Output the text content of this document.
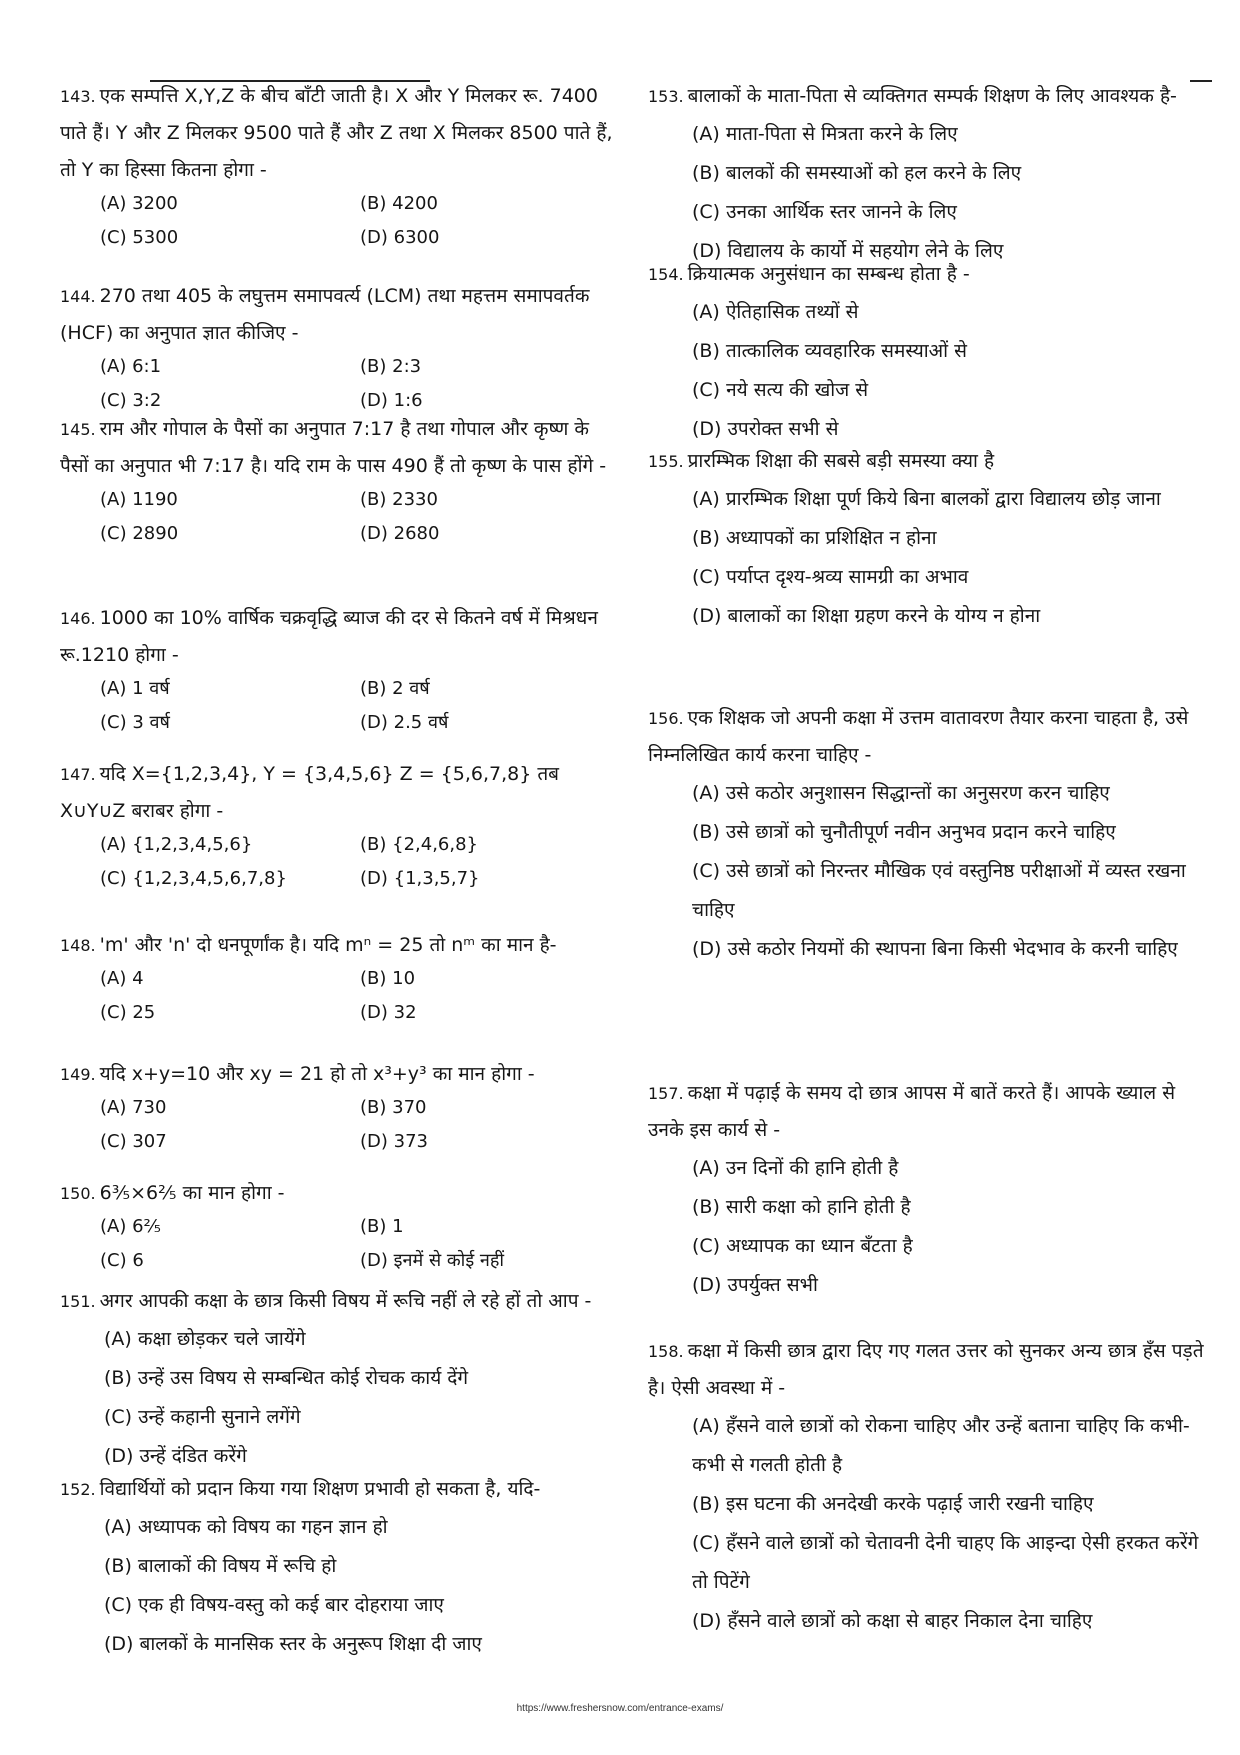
143. एक सम्पत्ति X,Y,Z के बीच बाँटी जाती है। X और Y मिलकर रू. 7400 पाते हैं। Y और Z मिलकर 9500 पाते हैं और Z तथा X मिलकर 8500 पाते हैं, तो Y का हिस्सा कितना होगा -

(A) 3200	(B) 4200
(C) 5300	(D) 6300

144. 270 तथा 405 के लघुत्तम समापवर्त्य (LCM) तथा महत्तम समापवर्तक (HCF) का अनुपात ज्ञात कीजिए -

(A) 6:1	(B) 2:3
(C) 3:2	(D) 1:6

145. राम और गोपाल के पैसों का अनुपात 7:17 है तथा गोपाल और कृष्ण के पैसों का अनुपात भी 7:17 है। यदि राम के पास 490 हैं तो कृष्ण के पास होंगे -

(A) 1190	(B) 2330
(C) 2890	(D) 2680

146. 1000 का 10% वार्षिक चक्रवृद्धि ब्याज की दर से कितने वर्ष में मिश्रधन रू.1210 होगा -

(A) 1 वर्ष	(B) 2 वर्ष
(C) 3 वर्ष	(D) 2.5 वर्ष

147. यदि X={1,2,3,4}, Y = {3,4,5,6} Z = {5,6,7,8} तब X∪Y∪Z बराबर होगा -

(A) {1,2,3,4,5,6}	(B) {2,4,6,8}
(C) {1,2,3,4,5,6,7,8}	(D) {1,3,5,7}

148. 'm' और 'n' दो धनपूर्णांक है। यदि mⁿ = 25 तो nᵐ का मान है-

(A) 4	(B) 10
(C) 25	(D) 32

149. यदि x+y=10 और xy = 21 हो तो x³+y³ का मान होगा -

(A) 730	(B) 370
(C) 307	(D) 373

150. 6³⁄₅×6²⁄₅ का मान होगा -

(A) 6²⁄₅	(B) 1
(C) 6	(D) इनमें से कोई नहीं

151. अगर आपकी कक्षा के छात्र किसी विषय में रूचि नहीं ले रहे हों तो आप -

(A) कक्षा छोड़कर चले जायेंगे
(B) उन्हें उस विषय से सम्बन्धित कोई रोचक कार्य देंगे
(C) उन्हें कहानी सुनाने लगेंगे
(D) उन्हें दंडित करेंगे

152. विद्यार्थियों को प्रदान किया गया शिक्षण प्रभावी हो सकता है, यदि-

(A) अध्यापक को विषय का गहन ज्ञान हो
(B) बालाकों की विषय में रूचि हो
(C) एक ही विषय-वस्तु को कई बार दोहराया जाए
(D) बालकों के मानसिक स्तर के अनुरूप शिक्षा दी जाए

153. बालाकों के माता-पिता से व्यक्तिगत सम्पर्क शिक्षण के लिए आवश्यक है-

(A) माता-पिता से मित्रता करने के लिए
(B) बालकों की समस्याओं को हल करने के लिए
(C) उनका आर्थिक स्तर जानने के लिए
(D) विद्यालय के कार्यो में सहयोग लेने के लिए

154. क्रियात्मक अनुसंधान का सम्बन्ध होता है -

(A) ऐतिहासिक तथ्यों से
(B) तात्कालिक व्यवहारिक समस्याओं से
(C) नये सत्य की खोज से
(D) उपरोक्त सभी से

155. प्रारम्भिक शिक्षा की सबसे बड़ी समस्या क्या है

(A) प्रारम्भिक शिक्षा पूर्ण किये बिना बालकों द्वारा विद्यालय छोड़ जाना
(B) अध्यापकों का प्रशिक्षित न होना
(C) पर्याप्त दृश्य-श्रव्य सामग्री का अभाव
(D) बालाकों का शिक्षा ग्रहण करने के योग्य न होना

156. एक शिक्षक जो अपनी कक्षा में उत्तम वातावरण तैयार करना चाहता है, उसे निम्नलिखित कार्य करना चाहिए -

(A) उसे कठोर अनुशासन सिद्धान्तों का अनुसरण करन चाहिए
(B) उसे छात्रों को चुनौतीपूर्ण नवीन अनुभव प्रदान करने चाहिए
(C) उसे छात्रों को निरन्तर मौखिक एवं वस्तुनिष्ठ परीक्षाओं में व्यस्त रखना चाहिए
(D) उसे कठोर नियमों की स्थापना बिना किसी भेदभाव के करनी चाहिए

157. कक्षा में पढ़ाई के समय दो छात्र आपस में बातें करते हैं। आपके ख्याल से उनके इस कार्य से -

(A) उन दिनों की हानि होती है
(B) सारी कक्षा को हानि होती है
(C) अध्यापक का ध्यान बँटता है
(D) उपर्युक्त सभी

158. कक्षा में किसी छात्र द्वारा दिए गए गलत उत्तर को सुनकर अन्य छात्र हँस पड़ते है। ऐसी अवस्था में -

(A) हँसने वाले छात्रों को रोकना चाहिए और उन्हें बताना चाहिए कि कभी-कभी से गलती होती है
(B) इस घटना की अनदेखी करके पढ़ाई जारी रखनी चाहिए
(C) हँसने वाले छात्रों को चेतावनी देनी चाहए कि आइन्दा ऐसी हरकत करेंगे तो पिटेंगे
(D) हँसने वाले छात्रों को कक्षा से बाहर निकाल देना चाहिए
https://www.freshersnow.com/entrance-exams/
